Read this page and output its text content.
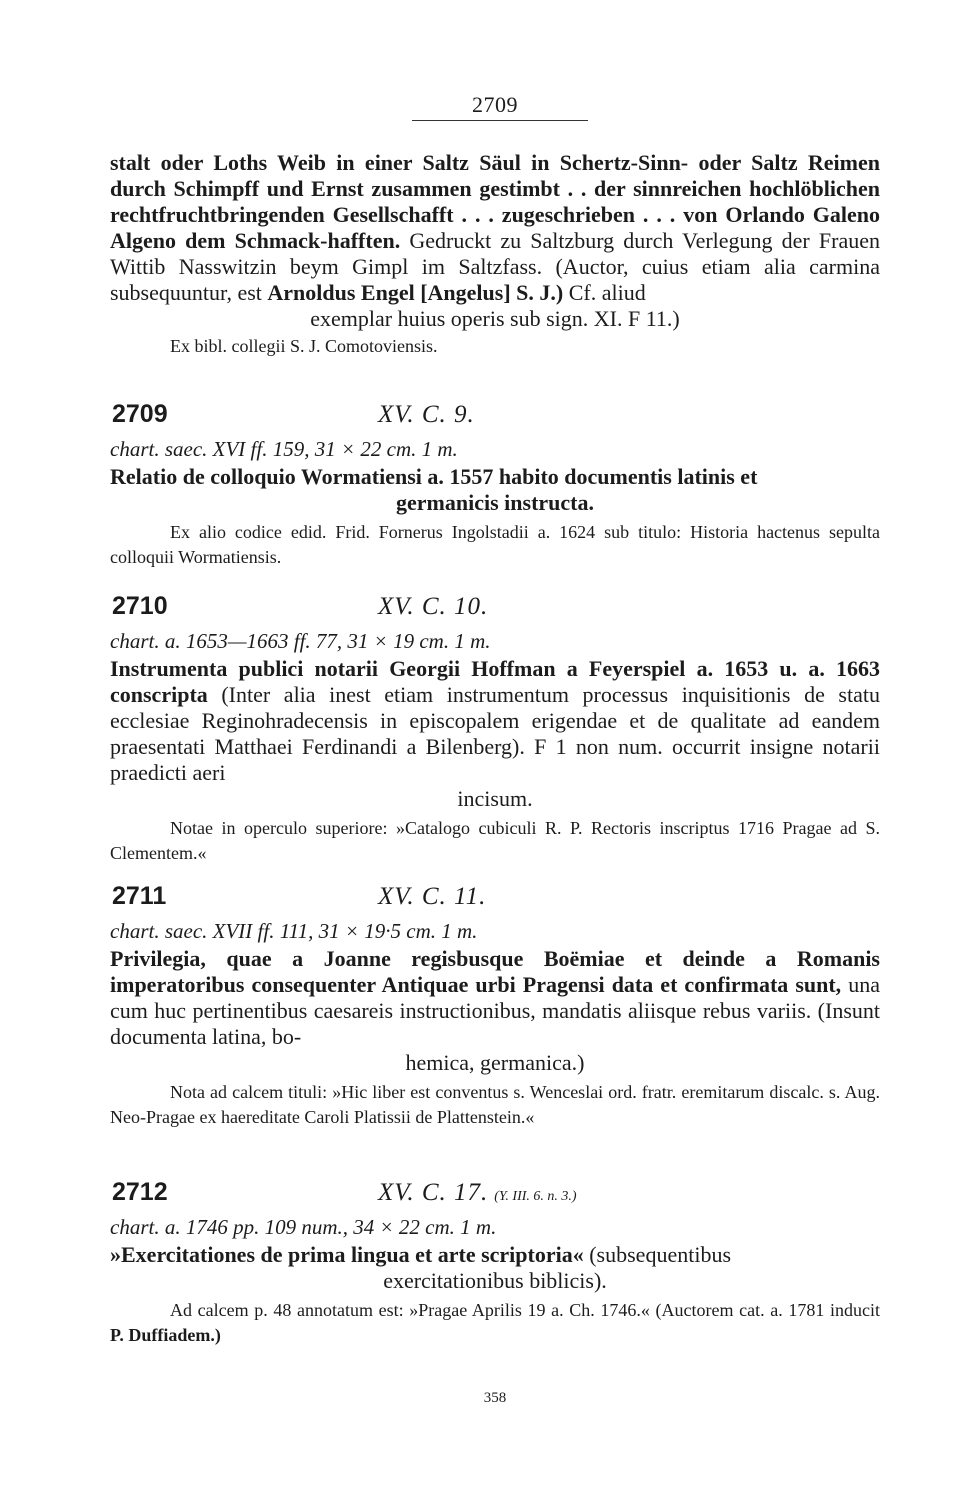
2709

stalt oder Loths Weib in einer Saltz Säul in Schertz-Sinn- oder Saltz Reimen durch Schimpff und Ernst zusammen gestimbt . . der sinnreichen hochlöblichen rechtfruchtbringenden Gesellschafft . . . zugeschrieben . . . von Orlando Galeno Algeno dem Schmack-hafften. Gedruckt zu Saltzburg durch Verlegung der Frauen Wittib Nasswitzin beym Gimpl im Saltzfass. (Auctor, cuius etiam alia carmina subsequuntur, est Arnoldus Engel [Angelus] S. J.) Cf. aliud
exemplar huius operis sub sign. XI. F 11.)

Ex bibl. collegii S. J. Comotoviensis.

2709	XV. C. 9.
chart. saec. XVI ff. 159, 31 × 22 cm. 1 m.

Relatio de colloquio Wormatiensi a. 1557 habito documentis latinis et
germanicis instructa.

Ex alio codice edid. Frid. Fornerus Ingolstadii a. 1624 sub titulo: Historia hactenus sepulta colloquii Wormatiensis.

2710	XV. C. 10.
chart. a. 1653—1663 ff. 77, 31 × 19 cm. 1 m.

Instrumenta publici notarii Georgii Hoffman a Feyerspiel a. 1653 u. a. 1663 conscripta (Inter alia inest etiam instrumentum processus inquisitionis de statu ecclesiae Reginohradecensis in episcopalem erigendae et de qualitate ad eandem praesentati Matthaei Ferdinandi a Bilenberg). F 1 non num. occurrit insigne notarii praedicti aeri
incisum.

Notae in operculo superiore: »Catalogo cubiculi R. P. Rectoris inscriptus 1716 Pragae ad S. Clementem.«

2711	XV. C. 11.
chart. saec. XVII ff. 111, 31 × 19·5 cm. 1 m.

Privilegia, quae a Joanne regisbusque Boëmiae et deinde a Romanis imperatoribus consequenter Antiquae urbi Pragensi data et confirmata sunt, una cum huc pertinentibus caesareis instructionibus, mandatis aliisque rebus variis. (Insunt documenta latina, bo-
hemica, germanica.)

Nota ad calcem tituli: »Hic liber est conventus s. Wenceslai ord. fratr. eremitarum discalc. s. Aug. Neo-Pragae ex haereditate Caroli Platissii de Plattenstein.«

2712	XV. C. 17. (Y. III. 6. n. 3.)
chart. a. 1746 pp. 109 num., 34 × 22 cm. 1 m.

»Exercitationes de prima lingua et arte scriptoria« (subsequentibus
exercitationibus biblicis).

Ad calcem p. 48 annotatum est: »Pragae Aprilis 19 a. Ch. 1746.« (Auctorem cat. a. 1781 inducit P. Duffiadem.)

358
